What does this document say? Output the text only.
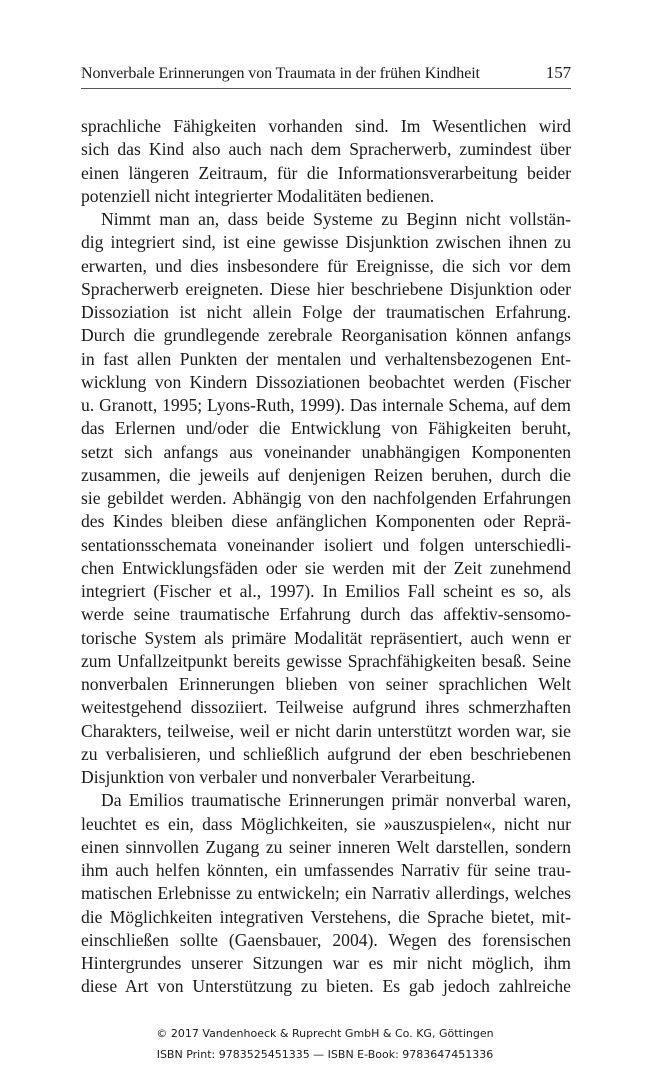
Nonverbale Erinnerungen von Traumata in der frühen Kindheit	157
sprachliche Fähigkeiten vorhanden sind. Im Wesentlichen wird
sich das Kind also auch nach dem Spracherwerb, zumindest über
einen längeren Zeitraum, für die Informationsverarbeitung beider
potenziell nicht integrierter Modalitäten bedienen.
Nimmt man an, dass beide Systeme zu Beginn nicht vollstän-
dig integriert sind, ist eine gewisse Disjunktion zwischen ihnen zu
erwarten, und dies insbesondere für Ereignisse, die sich vor dem
Spracherwerb ereigneten. Diese hier beschriebene Disjunktion oder
Dissoziation ist nicht allein Folge der traumatischen Erfahrung.
Durch die grundlegende zerebrale Reorganisation können anfangs
in fast allen Punkten der mentalen und verhaltensbezogenen Ent-
wicklung von Kindern Dissoziationen beobachtet werden (Fischer
u. Granott, 1995; Lyons-Ruth, 1999). Das internale Schema, auf dem
das Erlernen und/oder die Entwicklung von Fähigkeiten beruht,
setzt sich anfangs aus voneinander unabhängigen Komponenten
zusammen, die jeweils auf denjenigen Reizen beruhen, durch die
sie gebildet werden. Abhängig von den nachfolgenden Erfahrungen
des Kindes bleiben diese anfänglichen Komponenten oder Reprä-
sentationsschemata voneinander isoliert und folgen unterschiedli-
chen Entwicklungsfäden oder sie werden mit der Zeit zunehmend
integriert (Fischer et al., 1997). In Emilios Fall scheint es so, als
werde seine traumatische Erfahrung durch das affektiv-sensomo-
torische System als primäre Modalität repräsentiert, auch wenn er
zum Unfallzeitpunkt bereits gewisse Sprachfähigkeiten besaß. Seine
nonverbalen Erinnerungen blieben von seiner sprachlichen Welt
weitestgehend dissoziiert. Teilweise aufgrund ihres schmerzhaften
Charakters, teilweise, weil er nicht darin unterstützt worden war, sie
zu verbalisieren, und schließlich aufgrund der eben beschriebenen
Disjunktion von verbaler und nonverbaler Verarbeitung.
Da Emilios traumatische Erinnerungen primär nonverbal waren,
leuchtet es ein, dass Möglichkeiten, sie »auszuspielen«, nicht nur
einen sinnvollen Zugang zu seiner inneren Welt darstellen, sondern
ihm auch helfen könnten, ein umfassendes Narrativ für seine trau-
matischen Erlebnisse zu entwickeln; ein Narrativ allerdings, welches
die Möglichkeiten integrativen Verstehens, die Sprache bietet, mit-
einschließen sollte (Gaensbauer, 2004). Wegen des forensischen
Hintergrundes unserer Sitzungen war es mir nicht möglich, ihm
diese Art von Unterstützung zu bieten. Es gab jedoch zahlreiche
© 2017 Vandenhoeck & Ruprecht GmbH & Co. KG, Göttingen
ISBN Print: 9783525451335 — ISBN E-Book: 9783647451336
